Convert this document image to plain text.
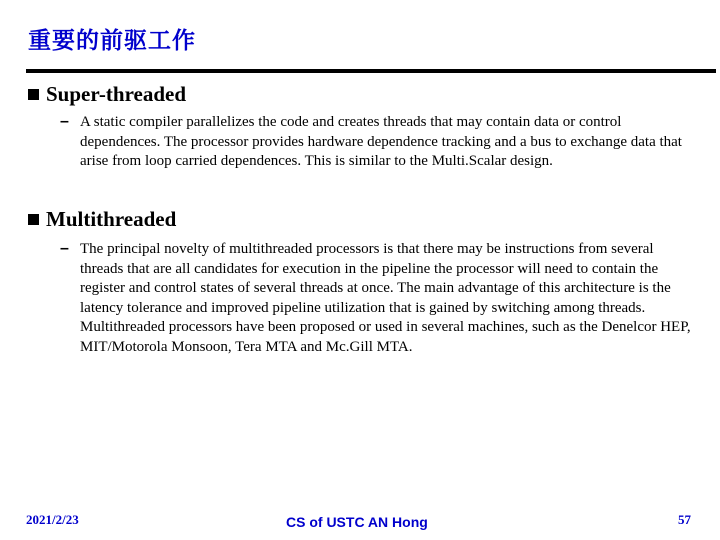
重要的前驱工作
Super-threaded
– A static compiler parallelizes the code and creates threads that may contain data or control dependences. The processor provides hardware dependence tracking and a bus to exchange data that arise from loop carried dependences. This is similar to the Multi.Scalar design.
Multithreaded
– The principal novelty of multithreaded processors is that there may be instructions from several threads that are all candidates for execution in the pipeline the processor will need to contain the register and control states of several threads at once. The main advantage of this architecture is the latency tolerance and improved pipeline utilization that is gained by switching among threads. Multithreaded processors have been proposed or used in several machines, such as the Denelcor HEP, MIT/Motorola Monsoon, Tera MTA and Mc.Gill MTA.
2021/2/23	CS of USTC AN Hong	57
